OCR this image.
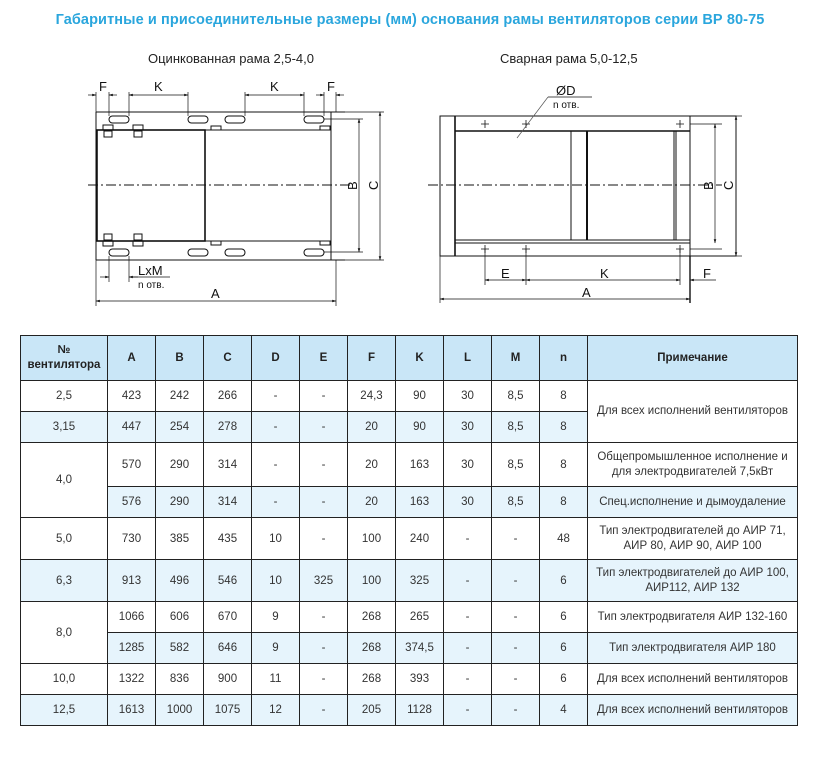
Габаритные и присоединительные размеры (мм) основания рамы вентиляторов серии ВР 80-75
Оцинкованная рама 2,5-4,0	Сварная рама 5,0-12,5
F	K	K	F
B C
LxM
n отв.
A
ØD
n отв.
B C
E	K	F
A
№ вентилятора	A	B	C	D	E	F	K	L	M	n	Примечание
2,5	423	242	266	-	-	24,3	90	30	8,5	8	Для всех исполнений вентиляторов
3,15	447	254	278	-	-	20	90	30	8,5	8	
4,0	570	290	314	-	-	20	163	30	8,5	8	Общепромышленное исполнение и для электродвигателей 7,5кВт
	576	290	314	-	-	20	163	30	8,5	8	Спец.исполнение и дымоудаление
5,0	730	385	435	10	-	100	240	-	-	48	Тип электродвигателей до АИР 71, АИР 80, АИР 90, АИР 100
6,3	913	496	546	10	325	100	325	-	-	6	Тип электродвигателей до АИР 100, АИР112, АИР 132
8,0	1066	606	670	9	-	268	265	-	-	6	Тип электродвигателя АИР 132-160
	1285	582	646	9	-	268	374,5	-	-	6	Тип электродвигателя АИР 180
10,0	1322	836	900	11	-	268	393	-	-	6	Для всех исполнений вентиляторов
12,5	1613	1000	1075	12	-	205	1128	-	-	4	Для всех исполнений вентиляторов
